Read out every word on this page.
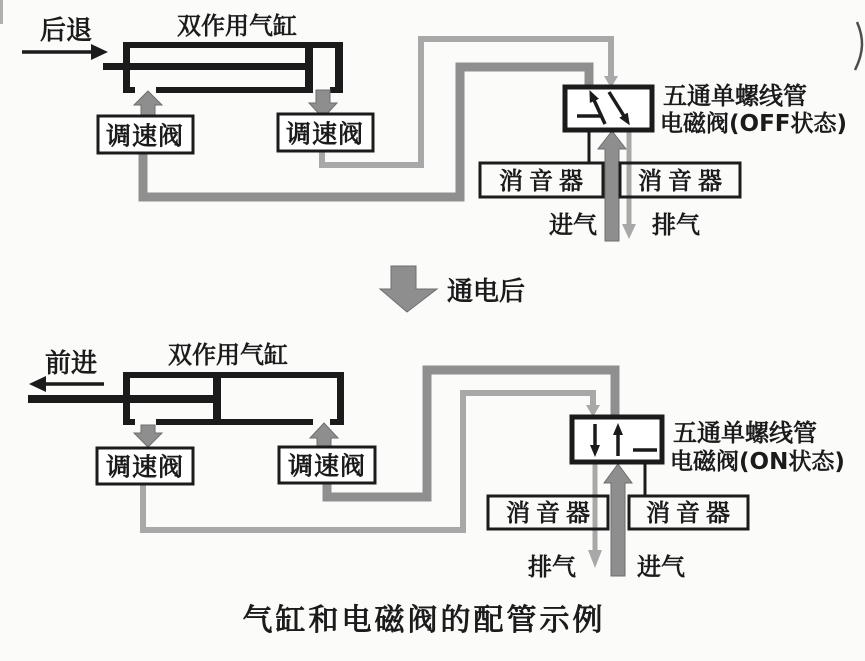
后退	双作用气缸
调速阀	调速阀
消音器 消音器
五通单螺线管
电磁阀(OFF状态)
进气 排气
通电后
前进	双作用气缸
调速阀	调速阀
消音器 消音器
五通单螺线管
电磁阀(ON状态)
排气	进气
气缸和电磁阀的配管示例
